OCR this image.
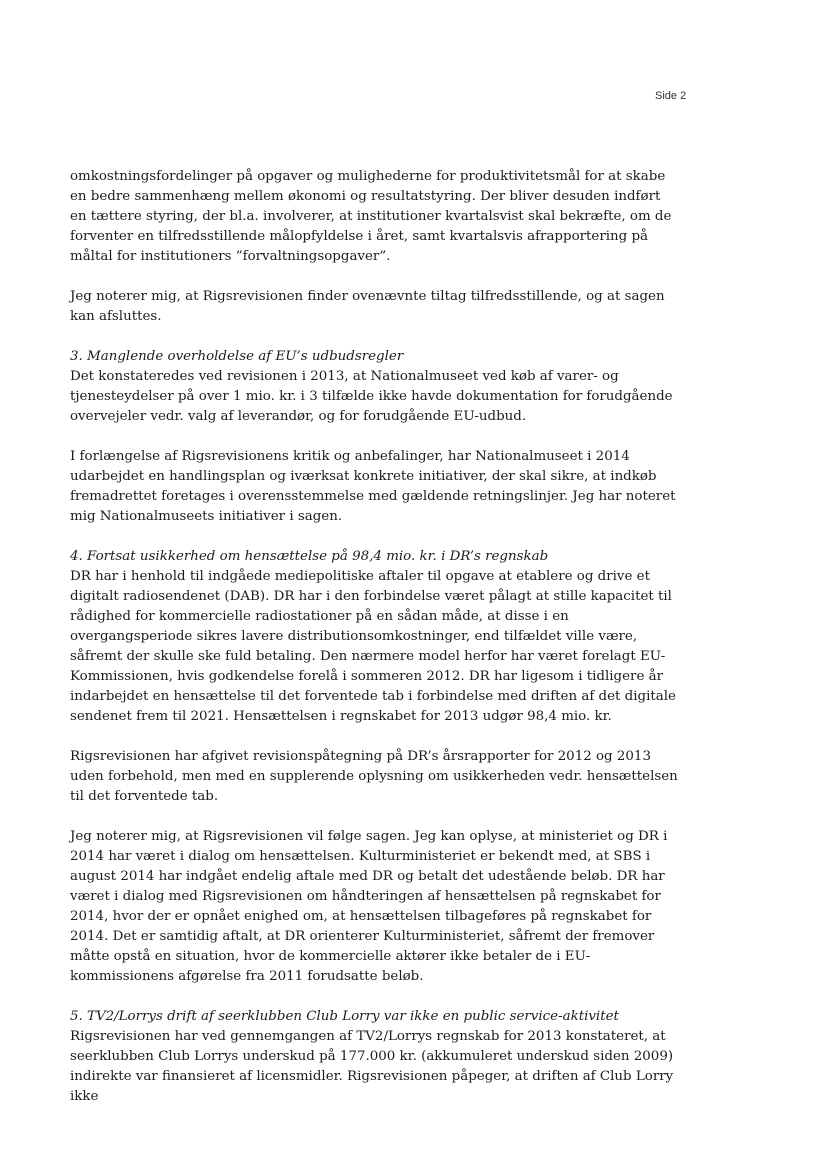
Side 2

omkostningsfordelinger på opgaver og mulighederne for produktivitetsmål for at skabe en bedre sammenhæng mellem økonomi og resultatstyring. Der bliver desuden indført en tættere styring, der bl.a. involverer, at institutioner kvartalsvist skal bekræfte, om de forventer en tilfredsstillende målopfyldelse i året, samt kvartalsvis afrapportering på måltal for institutioners ”forvaltningsopgaver”.

Jeg noterer mig, at Rigsrevisionen finder ovenævnte tiltag tilfredsstillende, og at sagen kan afsluttes.

3. Manglende overholdelse af EU’s udbudsregler

Det konstateredes ved revisionen i 2013, at Nationalmuseet ved køb af varer- og tjenesteydelser på over 1 mio. kr. i 3 tilfælde ikke havde dokumentation for forudgående overvejeler vedr. valg af leverandør, og for forudgående EU-udbud.

I forlængelse af Rigsrevisionens kritik og anbefalinger, har Nationalmuseet i 2014 udarbejdet en handlingsplan og iværksat konkrete initiativer, der skal sikre, at indkøb fremadrettet foretages i overensstemmelse med gældende retningslinjer. Jeg har noteret mig Nationalmuseets initiativer i sagen.

4. Fortsat usikkerhed om hensættelse på 98,4 mio. kr. i DR’s regnskab

DR har i henhold til indgåede mediepolitiske aftaler til opgave at etablere og drive et digitalt radiosendenet (DAB). DR har i den forbindelse været pålagt at stille kapacitet til rådighed for kommercielle radiostationer på en sådan måde, at disse i en overgangsperiode sikres lavere distributionsomkostninger, end tilfældet ville være, såfremt der skulle ske fuld betaling. Den nærmere model herfor har været forelagt EU-Kommissionen, hvis godkendelse forelå i sommeren 2012. DR har ligesom i tidligere år indarbejdet en hensættelse til det forventede tab i forbindelse med driften af det digitale sendenet frem til 2021. Hensættelsen i regnskabet for 2013 udgør 98,4 mio. kr.

Rigsrevisionen har afgivet revisionspåtegning på DR’s årsrapporter for 2012 og 2013 uden forbehold, men med en supplerende oplysning om usikkerheden vedr. hensættelsen til det forventede tab.

Jeg noterer mig, at Rigsrevisionen vil følge sagen. Jeg kan oplyse, at ministeriet og DR i 2014 har været i dialog om hensættelsen. Kulturministeriet er bekendt med, at SBS i august 2014 har indgået endelig aftale med DR og betalt det udestående beløb. DR har været i dialog med Rigsrevisionen om håndteringen af hensættelsen på regnskabet for 2014, hvor der er opnået enighed om, at hensættelsen tilbageføres på regnskabet for 2014. Det er samtidig aftalt, at DR orienterer Kulturministeriet, såfremt der fremover måtte opstå en situation, hvor de kommercielle aktører ikke betaler de i EU-kommissionens afgørelse fra 2011 forudsatte beløb.

5. TV2/Lorrys drift af seerklubben Club Lorry var ikke en public service-aktivitet

Rigsrevisionen har ved gennemgangen af TV2/Lorrys regnskab for 2013 konstateret, at seerklubben Club Lorrys underskud på 177.000 kr. (akkumuleret underskud siden 2009) indirekte var finansieret af licensmidler. Rigsrevisionen påpeger, at driften af Club Lorry ikke
